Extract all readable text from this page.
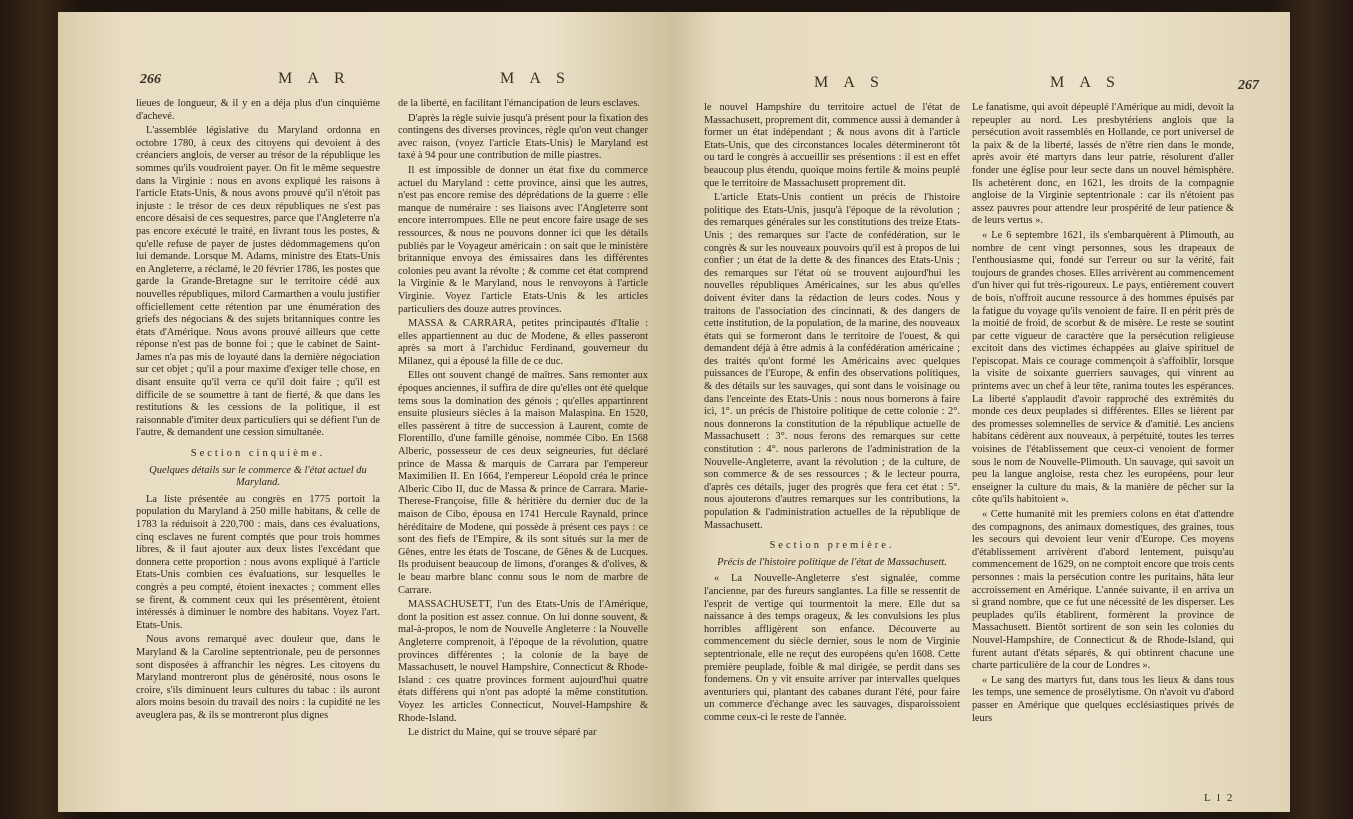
266	M A R	M A S

lieues de longueur, & il y en a déja plus d'un cinquième d'achevé.

L'assemblée législative du Maryland ordonna en octobre 1780, à ceux des citoyens qui devoient à des créanciers anglois, de verser au trésor de la république les sommes qu'ils voudroient payer. On fit le même sequestre dans la Virginie : nous en avons expliqué les raisons à l'article Etats-Unis, & nous avons prouvé qu'il n'étoit pas injuste : le trésor de ces deux républiques ne s'est pas encore désaisi de ces sequestres, parce que l'Angleterre n'a pas encore exécuté le traité, en livrant tous les postes, & qu'elle refuse de payer de justes dédommagemens qu'on lui demande. Lorsque M. Adams, ministre des Etats-Unis en Angleterre, a réclamé, le 20 février 1786, les postes que garde la Grande-Bretagne sur le territoire cédé aux nouvelles républiques, milord Carmarthen a voulu justifier officiellement cette rétention par une énumération des griefs des négocians & des sujets britanniques contre les états d'Amérique. Nous avons prouvé ailleurs que cette réponse n'est pas de bonne foi ; que le cabinet de Saint-James n'a pas mis de loyauté dans la dernière négociation sur cet objet ; qu'il a pour maxime d'exiger telle chose, en disant ensuite qu'il verra ce qu'il doit faire ; qu'il est difficile de se soumettre à tant de fierté, & que dans les restitutions & les cessions de la politique, il est raisonnable d'imiter deux particuliers qui se défient l'un de l'autre, & demandent une cession simultanée.

Section cinquième.
Quelques détails sur le commerce & l'état actuel du Maryland.

La liste présentée au congrès en 1775 portoit la population du Maryland à 250 mille habitans, & celle de 1783 la réduisoit à 220,700 : mais, dans ces évaluations, cinq esclaves ne furent comptés que pour trois hommes libres, & il faut ajouter aux deux listes l'excédant que donnera cette proportion : nous avons expliqué à l'article Etats-Unis combien ces évaluations, sur lesquelles le congrès a peu compté, étoient inexactes ; comment elles se firent, & comment ceux qui les présentèrent, étoient intéressés à diminuer le nombre des habitans. Voyez l'art. Etats-Unis.

Nous avons remarqué avec douleur que, dans le Maryland & la Caroline septentrionale, peu de personnes sont disposées à affranchir les nègres. Les citoyens du Maryland montreront plus de générosité, nous osons le croire, s'ils diminuent leurs cultures du tabac : ils auront alors moins besoin du travail des noirs : la cupidité ne les aveuglera pas, & ils se montreront plus dignes

de la liberté, en facilitant l'émancipation de leurs esclaves.

D'après la règle suivie jusqu'à présent pour la fixation des contingens des diverses provinces, règle qu'on veut changer avec raison, (voyez l'article Etats-Unis) le Maryland est taxé à 94 pour une contribution de mille piastres.

Il est impossible de donner un état fixe du commerce actuel du Maryland : cette province, ainsi que les autres, n'est pas encore remise des déprédations de la guerre : elle manque de numéraire : ses liaisons avec l'Angleterre sont encore interrompues. Elle ne peut encore faire usage de ses ressources, & nous ne pouvons donner ici que les détails publiés par le Voyageur américain : on sait que le ministère britannique envoya des émissaires dans les différentes colonies peu avant la révolte ; & comme cet état comprend la Virginie & le Maryland, nous le renvoyons à l'article Virginie. Voyez l'article Etats-Unis & les articles particuliers des douze autres provinces.

MASSA & CARRARA, petites principautés d'Italie : elles appartiennent au duc de Modene, & elles passeront après sa mort à l'archiduc Ferdinand, gouverneur du Milanez, qui a épousé la fille de ce duc.

Elles ont souvent changé de maîtres. Sans remonter aux époques anciennes, il suffira de dire qu'elles ont été quelque tems sous la domination des génois ; qu'elles appartinrent ensuite plusieurs siècles à la maison Malaspina. En 1520, elles passèrent à titre de succession à Laurent, comte de Florentillo, d'une famille génoise, nommée Cibo. En 1568 Alberic, possesseur de ces deux seigneuries, fut déclaré prince de Massa & marquis de Carrara par l'empereur Maximilien II. En 1664, l'empereur Léopold créa le prince Alberic Cibo II, duc de Massa & prince de Carrara. Marie-Therese-Françoise, fille & héritière du dernier duc de la maison de Cibo, épousa en 1741 Hercule Raynald, prince héréditaire de Modene, qui possède à présent ces pays : ce sont des fiefs de l'Empire, & ils sont situés sur la mer de Gênes, entre les états de Toscane, de Gênes & de Lucques. Ils produisent beaucoup de limons, d'oranges & d'olives, & le beau marbre blanc connu sous le nom de marbre de Carrare.

MASSACHUSETT, l'un des Etats-Unis de l'Amérique, dont la position est assez connue. On lui donne souvent, & mal-à-propos, le nom de Nouvelle Angleterre : la Nouvelle Angleterre comprenoit, à l'époque de la révolution, quatre provinces différentes ; la colonie de la baye de Massachusett, le nouvel Hampshire, Connecticut & Rhode-Island : ces quatre provinces forment aujourd'hui quatre états différens qui n'ont pas adopté la même constitution. Voyez les articles Connecticut, Nouvel-Hampshire & Rhode-Island.

Le district du Maine, qui se trouve séparé par

M A S	M A S	267

le nouvel Hampshire du territoire actuel de l'état de Massachusett, proprement dit, commence aussi à demander à former un état indépendant ; & nous avons dit à l'article Etats-Unis, que des circonstances locales détermineront tôt ou tard le congrès à accueillir ses présentions : il est en effet beaucoup plus étendu, quoique moins fertile & moins peuplé que le territoire de Massachusett proprement dit.

L'article Etats-Unis contient un précis de l'histoire politique des Etats-Unis, jusqu'à l'époque de la révolution ; des remarques générales sur les constitutions des treize Etats-Unis ; des remarques sur l'acte de confédération, sur le congrès & sur les nouveaux pouvoirs qu'il est à propos de lui confier ; un état de la dette & des finances des Etats-Unis ; des remarques sur l'état où se trouvent aujourd'hui les nouvelles républiques Américaines, sur les abus qu'elles doivent éviter dans la rédaction de leurs codes. Nous y traitons de l'association des cincinnati, & des dangers de cette institution, de la population, de la marine, des nouveaux états qui se formeront dans le territoire de l'ouest, & qui demandent déjà à être admis à la confédération américaine ; des traités qu'ont formé les Américains avec quelques puissances de l'Europe, & enfin des observations politiques, & des détails sur les sauvages, qui sont dans le voisinage ou dans l'enceinte des Etats-Unis : nous nous bornerons à faire ici, 1°. un précis de l'histoire politique de cette colonie : 2°. nous donnerons la constitution de la république actuelle de Massachusett : 3°. nous ferons des remarques sur cette constitution : 4°. nous parlerons de l'administration de la Nouvelle-Angleterre, avant la révolution ; de la culture, de son commerce & de ses ressources ; & le lecteur pourra, d'après ces détails, juger des progrès que fera cet état : 5°. nous ajouterons d'autres remarques sur les contributions, la population & l'administration actuelles de la république de Massachusett.

Section première.
Précis de l'histoire politique de l'état de Massachusett.

« La Nouvelle-Angleterre s'est signalée, comme l'ancienne, par des fureurs sanglantes. La fille se ressentit de l'esprit de vertige qui tourmentoit la mere. Elle dut sa naissance à des temps orageux, & les convulsions les plus horribles affligèrent son enfance. Découverte au commencement du siècle dernier, sous le nom de Virginie septentrionale, elle ne reçut des européens qu'en 1608. Cette première peuplade, foible & mal dirigée, se perdit dans ses fondemens. On y vit ensuite arriver par intervalles quelques aventuriers qui, plantant des cabanes durant l'été, pour faire un commerce d'échange avec les sauvages, disparoissoient comme ceux-ci le reste de l'année.

Le fanatisme, qui avoit dépeuplé l'Amérique au midi, devoit la repeupler au nord. Les presbytériens anglois que la persécution avoit rassemblés en Hollande, ce port universel de la paix & de la liberté, lassés de n'être rien dans le monde, après avoir été martyrs dans leur patrie, résolurent d'aller fonder une église pour leur secte dans un nouvel hémisphère. Ils achetèrent donc, en 1621, les droits de la compagnie angloise de la Virginie septentrionale : car ils n'étoient pas assez pauvres pour attendre leur prospérité de leur patience & de leurs vertus ».

« Le 6 septembre 1621, ils s'embarquèrent à Plimouth, au nombre de cent vingt personnes, sous les drapeaux de l'enthousiasme qui, fondé sur l'erreur ou sur la vérité, fait toujours de grandes choses. Elles arrivèrent au commencement d'un hiver qui fut très-rigoureux. Le pays, entièrement couvert de bois, n'offroit aucune ressource à des hommes épuisés par la fatigue du voyage qu'ils venoient de faire. Il en périt près de la moitié de froid, de scorbut & de misère. Le reste se soutint par cette vigueur de caractère que la persécution religieuse excitoit dans des victimes échappées au glaive spirituel de l'episcopat. Mais ce courage commençoit à s'affoiblir, lorsque la visite de soixante guerriers sauvages, qui vinrent au printems avec un chef à leur tête, ranima toutes les espérances. La liberté s'applaudit d'avoir rapproché des extrémités du monde ces deux peuplades si différentes. Elles se lièrent par des promesses solemnelles de service & d'amitié. Les anciens habitans cédèrent aux nouveaux, à perpétuité, toutes les terres voisines de l'établissement que ceux-ci venoient de former sous le nom de Nouvelle-Plimouth. Un sauvage, qui savoit un peu la langue angloise, resta chez les européens, pour leur enseigner la culture du mais, & la manière de pêcher sur la côte qu'ils habitoient ».

« Cette humanité mit les premiers colons en état d'attendre des compagnons, des animaux domestiques, des graines, tous les secours qui devoient leur venir d'Europe. Ces moyens d'établissement arrivèrent d'abord lentement, puisqu'au commencement de 1629, on ne comptoit encore que trois cents personnes : mais la persécution contre les puritains, hâta leur accroissement en Amérique. L'année suivante, il en arriva un si grand nombre, que ce fut une nécessité de les disperser. Les peuplades qu'ils établirent, formèrent la province de Massachusett. Bientôt sortirent de son sein les colonies du Nouvel-Hampshire, de Connecticut & de Rhode-Island, qui furent autant d'états séparés, & qui obtinrent chacune une charte particulière de la cour de Londres ».

« Le sang des martyrs fut, dans tous les lieux & dans tous les temps, une semence de prosélytisme. On n'avoit vu d'abord passer en Amérique que quelques ecclésiastiques privés de leurs

L l 2
